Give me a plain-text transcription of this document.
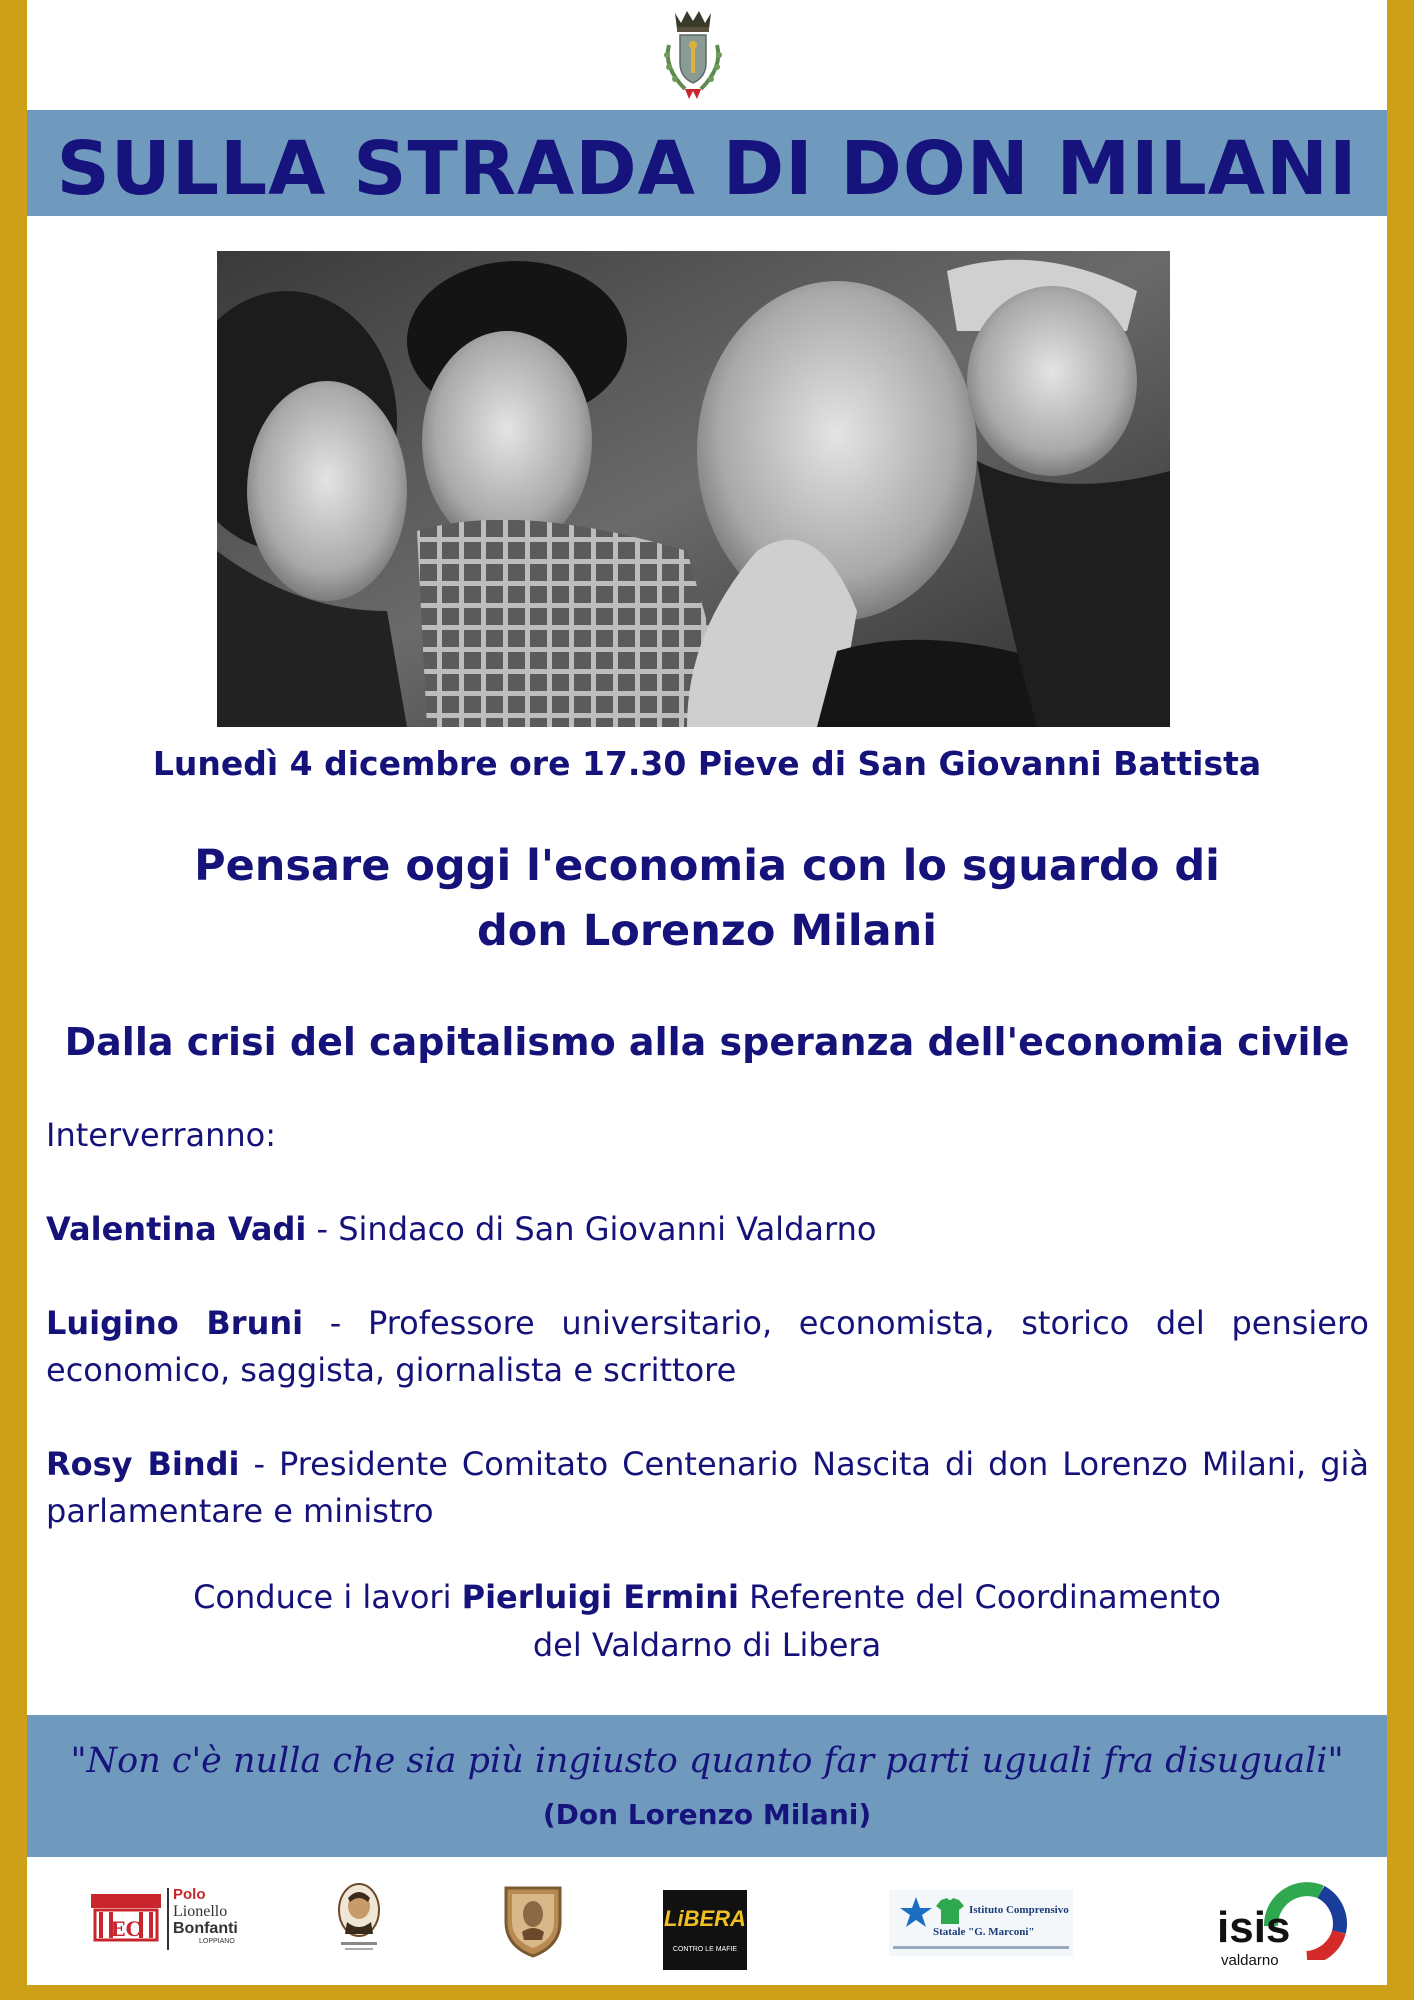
SULLA STRADA DI DON MILANI
Lunedì 4 dicembre ore 17.30 Pieve di San Giovanni Battista
Pensare oggi l'economia con lo sguardo di
don Lorenzo Milani
Dalla crisi del capitalismo alla speranza dell'economia civile

Interverranno:

Valentina Vadi - Sindaco di San Giovanni Valdarno

Luigino Bruni - Professore universitario, economista, storico del pensiero economico, saggista, giornalista e scrittore

Rosy Bindi - Presidente Comitato Centenario Nascita di don Lorenzo Milani, già parlamentare e ministro

Conduce i lavori Pierluigi Ermini Referente del Coordinamento
del Valdarno di Libera
"Non c'è nulla che sia più ingiusto quanto far parti uguali fra disuguali"
(Don Lorenzo Milani)
EC
Polo
Lionello
Bonfanti
LOPPIANO
LiBERA
CONTRO LE MAFIE
Istituto Comprensivo
Statale "G. Marconi"	isis
valdarno
